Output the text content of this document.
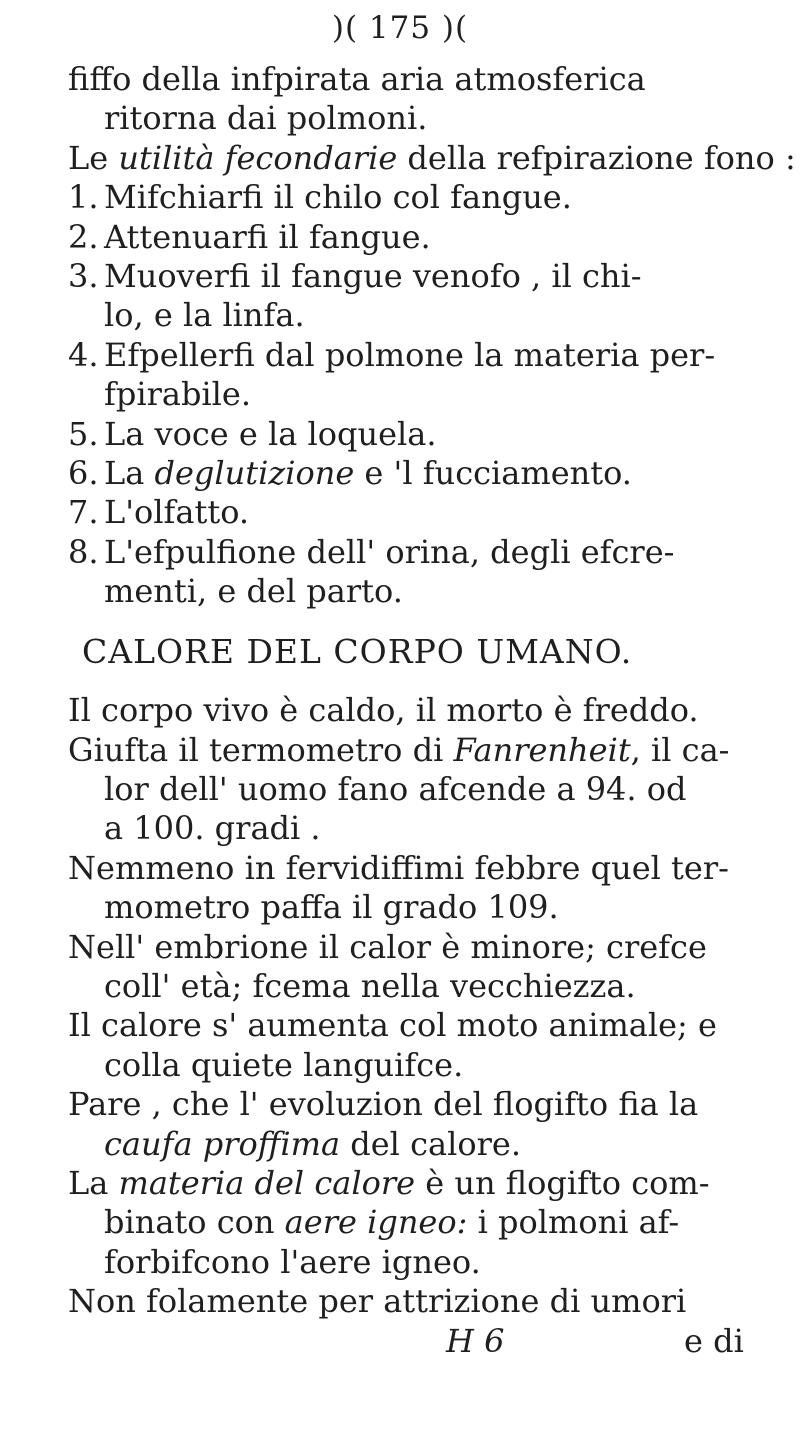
)( 175 )(

fiffo della infpirata aria atmosferica
ritorna dai polmoni.

Le utilità fecondarie della refpirazione fono :

1. Mifchiarfi il chilo col fangue.

2. Attenuarfi il fangue.

3. Muoverfi il fangue venofo , il chi-
lo, e la linfa.

4. Efpellerfi dal polmone la materia per-
fpirabile.

5. La voce e la loquela.

6. La deglutizione e 'l fucciamento.

7. L'olfatto.

8. L'efpulfione dell' orina, degli efcre-
menti, e del parto.

CALORE DEL CORPO UMANO.

Il corpo vivo è caldo, il morto è freddo.

Giufta il termometro di Fanrenheit, il ca-
lor dell' uomo fano afcende a 94. od
a 100. gradi .

Nemmeno in fervidiffimi febbre quel ter-
mometro paffa il grado 109.

Nell' embrione il calor è minore; crefce
coll' età; fcema nella vecchiezza.

Il calore s' aumenta col moto animale; e
colla quiete languifce.

Pare , che l' evoluzion del flogifto fia la
caufa proffima del calore.

La materia del calore è un flogifto com-
binato con aere igneo: i polmoni af-
forbifcono l'aere igneo.

Non folamente per attrizione di umori

H 6	e di
